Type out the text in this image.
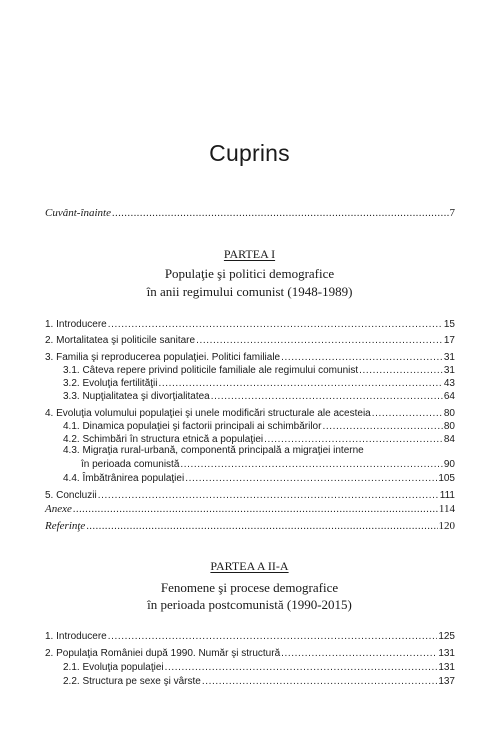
Cuprins
Cuvânt-înainte .....	7
PARTEA I
Populaţie şi politici demografice
în anii regimului comunist (1948-1989)
1. Introducere .....	15
2. Mortalitatea şi politicile sanitare .....	17
3. Familia şi reproducerea populaţiei. Politici familiale .....	31
3.1. Câteva repere privind politicile familiale ale regimului comunist .....	31
3.2. Evoluţia fertilităţii .....	43
3.3. Nupţialitatea şi divorţialitatea .....	64
4. Evoluţia volumului populaţiei şi unele modificări structurale ale acesteia .....	80
4.1. Dinamica populaţiei şi factorii principali ai schimbărilor .....	80
4.2. Schimbări în structura etnică a populaţiei .....	84
4.3. Migraţia rural-urbană, componentă principală a migraţiei interne
în perioada comunistă .....	90
4.4. Îmbătrânirea populaţiei .....	105
5. Concluzii .....	111
Anexe .....	114
Referinţe .....	120
PARTEA A II-A
Fenomene şi procese demografice
în perioada postcomunistă (1990-2015)
1. Introducere .....	125
2. Populaţia României după 1990. Număr şi structură .....	131
2.1. Evoluţia populaţiei .....	131
2.2. Structura pe sexe şi vârste .....	137
